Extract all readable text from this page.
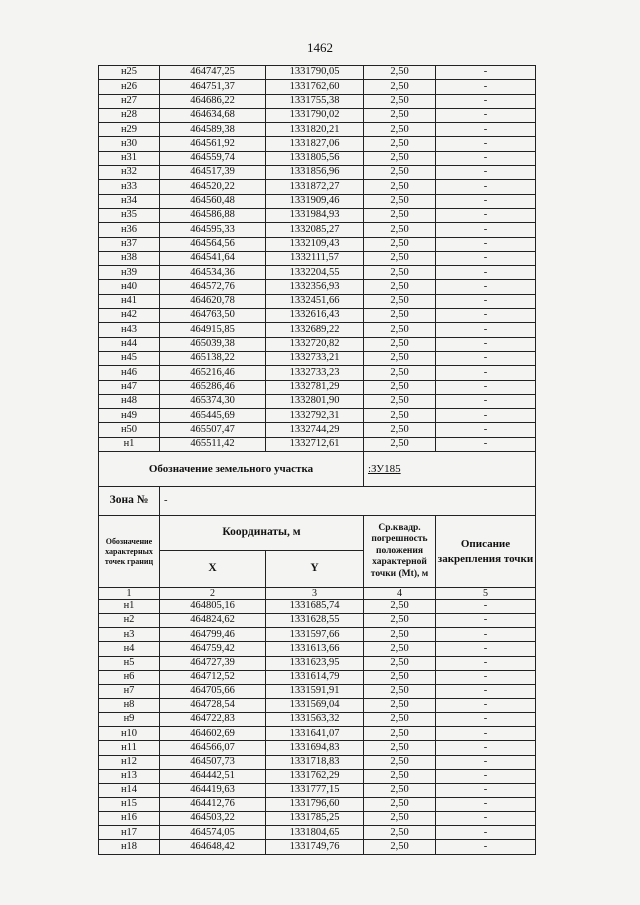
1462
н25	464747,25	1331790,05	2,50	-
н26	464751,37	1331762,60	2,50	-
н27	464686,22	1331755,38	2,50	-
н28	464634,68	1331790,02	2,50	-
н29	464589,38	1331820,21	2,50	-
н30	464561,92	1331827,06	2,50	-
н31	464559,74	1331805,56	2,50	-
н32	464517,39	1331856,96	2,50	-
н33	464520,22	1331872,27	2,50	-
н34	464560,48	1331909,46	2,50	-
н35	464586,88	1331984,93	2,50	-
н36	464595,33	1332085,27	2,50	-
н37	464564,56	1332109,43	2,50	-
н38	464541,64	1332111,57	2,50	-
н39	464534,36	1332204,55	2,50	-
н40	464572,76	1332356,93	2,50	-
н41	464620,78	1332451,66	2,50	-
н42	464763,50	1332616,43	2,50	-
н43	464915,85	1332689,22	2,50	-
н44	465039,38	1332720,82	2,50	-
н45	465138,22	1332733,21	2,50	-
н46	465216,46	1332733,23	2,50	-
н47	465286,46	1332781,29	2,50	-
н48	465374,30	1332801,90	2,50	-
н49	465445,69	1332792,31	2,50	-
н50	465507,47	1332744,29	2,50	-
н1	465511,42	1332712,61	2,50	-
Обозначение земельного участка			:ЗУ185	
Зона №	-			
Обозначение характерных точек границ	Координаты, м		Ср.квадр. погрешность положения характерной точки (Мt), м	Описание закрепления точки
	X	Y		
1	2	3	4	5
н1	464805,16	1331685,74	2,50	-
н2	464824,62	1331628,55	2,50	-
н3	464799,46	1331597,66	2,50	-
н4	464759,42	1331613,66	2,50	-
н5	464727,39	1331623,95	2,50	-
н6	464712,52	1331614,79	2,50	-
н7	464705,66	1331591,91	2,50	-
н8	464728,54	1331569,04	2,50	-
н9	464722,83	1331563,32	2,50	-
н10	464602,69	1331641,07	2,50	-
н11	464566,07	1331694,83	2,50	-
н12	464507,73	1331718,83	2,50	-
н13	464442,51	1331762,29	2,50	-
н14	464419,63	1331777,15	2,50	-
н15	464412,76	1331796,60	2,50	-
н16	464503,22	1331785,25	2,50	-
н17	464574,05	1331804,65	2,50	-
н18	464648,42	1331749,76	2,50	-
